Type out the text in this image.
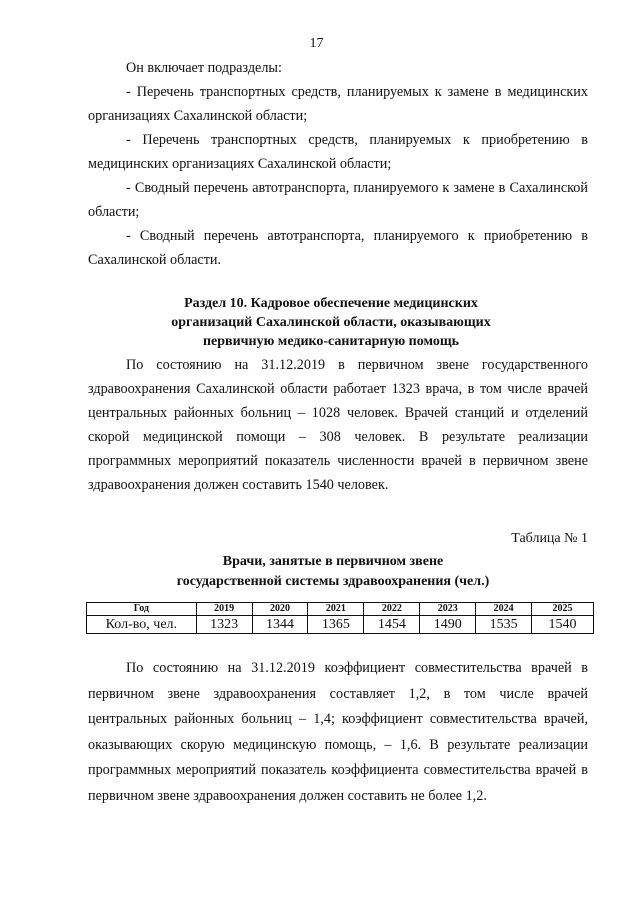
17

Он включает подразделы:

- Перечень транспортных средств, планируемых к замене в медицинских организациях Сахалинской области;
- Перечень транспортных средств, планируемых к приобретению в медицинских организациях Сахалинской области;
- Сводный перечень автотранспорта, планируемого к замене в Сахалинской области;
- Сводный перечень автотранспорта, планируемого к приобретению в Сахалинской области.
Раздел 10. Кадровое обеспечение медицинских
организаций Сахалинской области, оказывающих
первичную медико-санитарную помощь

По состоянию на 31.12.2019 в первичном звене государственного здравоохранения Сахалинской области работает 1323 врача, в том числе врачей центральных районных больниц – 1028 человек. Врачей станций и отделений скорой медицинской помощи – 308 человек. В результате реализации программных мероприятий показатель численности врачей в первичном звене здравоохранения должен составить 1540 человек.

Таблица № 1
Врачи, занятые в первичном звене
государственной системы здравоохранения (чел.)
Год	2019	2020	2021	2022	2023	2024	2025
Кол-во, чел.	1323	1344	1365	1454	1490	1535	1540

По состоянию на 31.12.2019 коэффициент совместительства врачей в первичном звене здравоохранения составляет 1,2, в том числе врачей центральных районных больниц – 1,4; коэффициент совместительства врачей, оказывающих скорую медицинскую помощь, – 1,6. В результате реализации программных мероприятий показатель коэффициента совместительства врачей в первичном звене здравоохранения должен составить не более 1,2.
